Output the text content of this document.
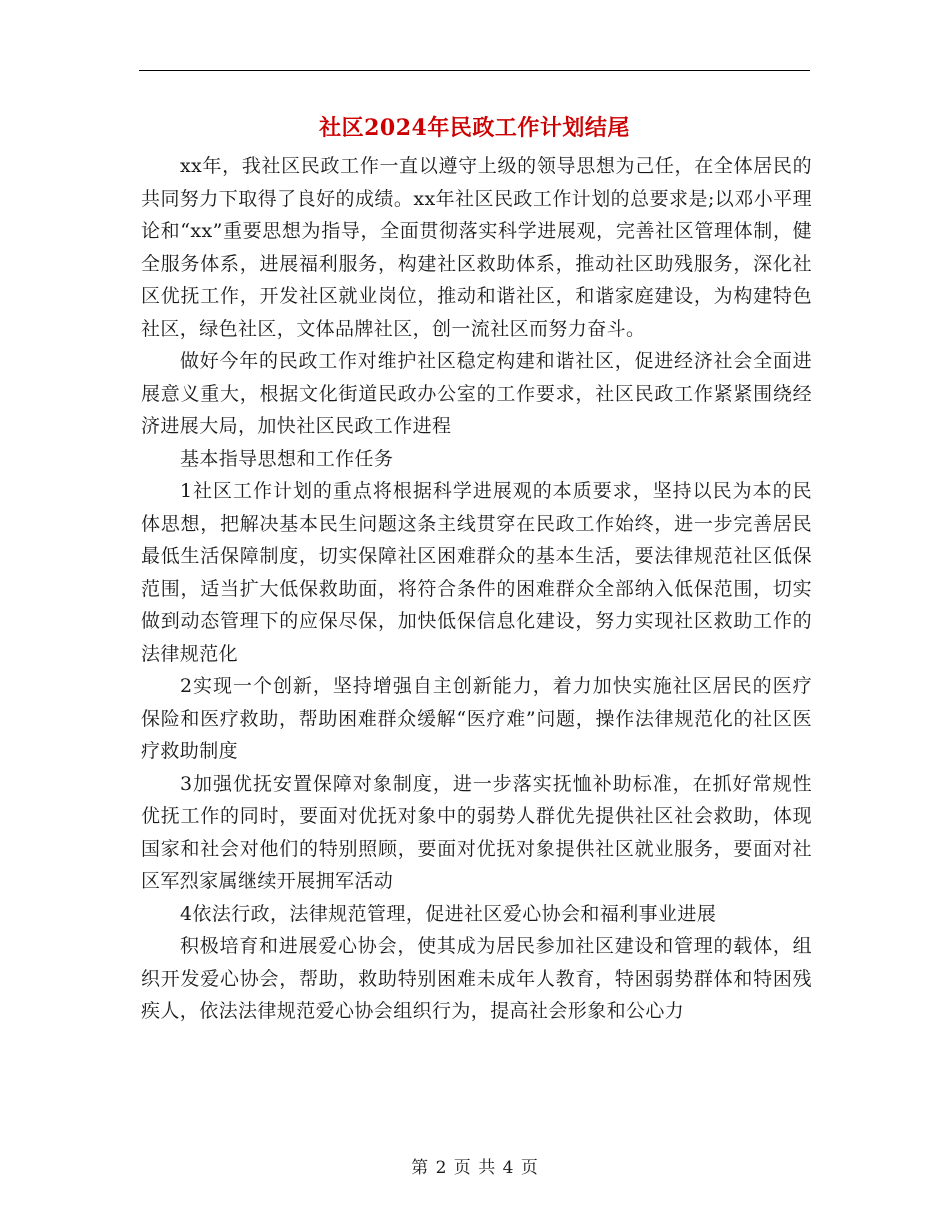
社区2024年民政工作计划结尾

xx年，我社区民政工作一直以遵守上级的领导思想为己任，在全体居民的共同努力下取得了良好的成绩。xx年社区民政工作计划的总要求是;以邓小平理论和“xx”重要思想为指导，全面贯彻落实科学进展观，完善社区管理体制，健全服务体系，进展福利服务，构建社区救助体系，推动社区助残服务，深化社区优抚工作，开发社区就业岗位，推动和谐社区，和谐家庭建设，为构建特色社区，绿色社区，文体品牌社区，创一流社区而努力奋斗。

做好今年的民政工作对维护社区稳定构建和谐社区，促进经济社会全面进展意义重大，根据文化街道民政办公室的工作要求，社区民政工作紧紧围绕经济进展大局，加快社区民政工作进程

基本指导思想和工作任务

1社区工作计划的重点将根据科学进展观的本质要求，坚持以民为本的民体思想，把解决基本民生问题这条主线贯穿在民政工作始终，进一步完善居民最低生活保障制度，切实保障社区困难群众的基本生活，要法律规范社区低保范围，适当扩大低保救助面，将符合条件的困难群众全部纳入低保范围，切实做到动态管理下的应保尽保，加快低保信息化建设，努力实现社区救助工作的法律规范化

2实现一个创新，坚持增强自主创新能力，着力加快实施社区居民的医疗保险和医疗救助，帮助困难群众缓解“医疗难”问题，操作法律规范化的社区医疗救助制度

3加强优抚安置保障对象制度，进一步落实抚恤补助标准，在抓好常规性优抚工作的同时，要面对优抚对象中的弱势人群优先提供社区社会救助，体现国家和社会对他们的特别照顾，要面对优抚对象提供社区就业服务，要面对社区军烈家属继续开展拥军活动

4依法行政，法律规范管理，促进社区爱心协会和福利事业进展

积极培育和进展爱心协会，使其成为居民参加社区建设和管理的载体，组织开发爱心协会，帮助，救助特别困难未成年人教育，特困弱势群体和特困残疾人，依法法律规范爱心协会组织行为，提高社会形象和公心力

第 2 页 共 4 页
